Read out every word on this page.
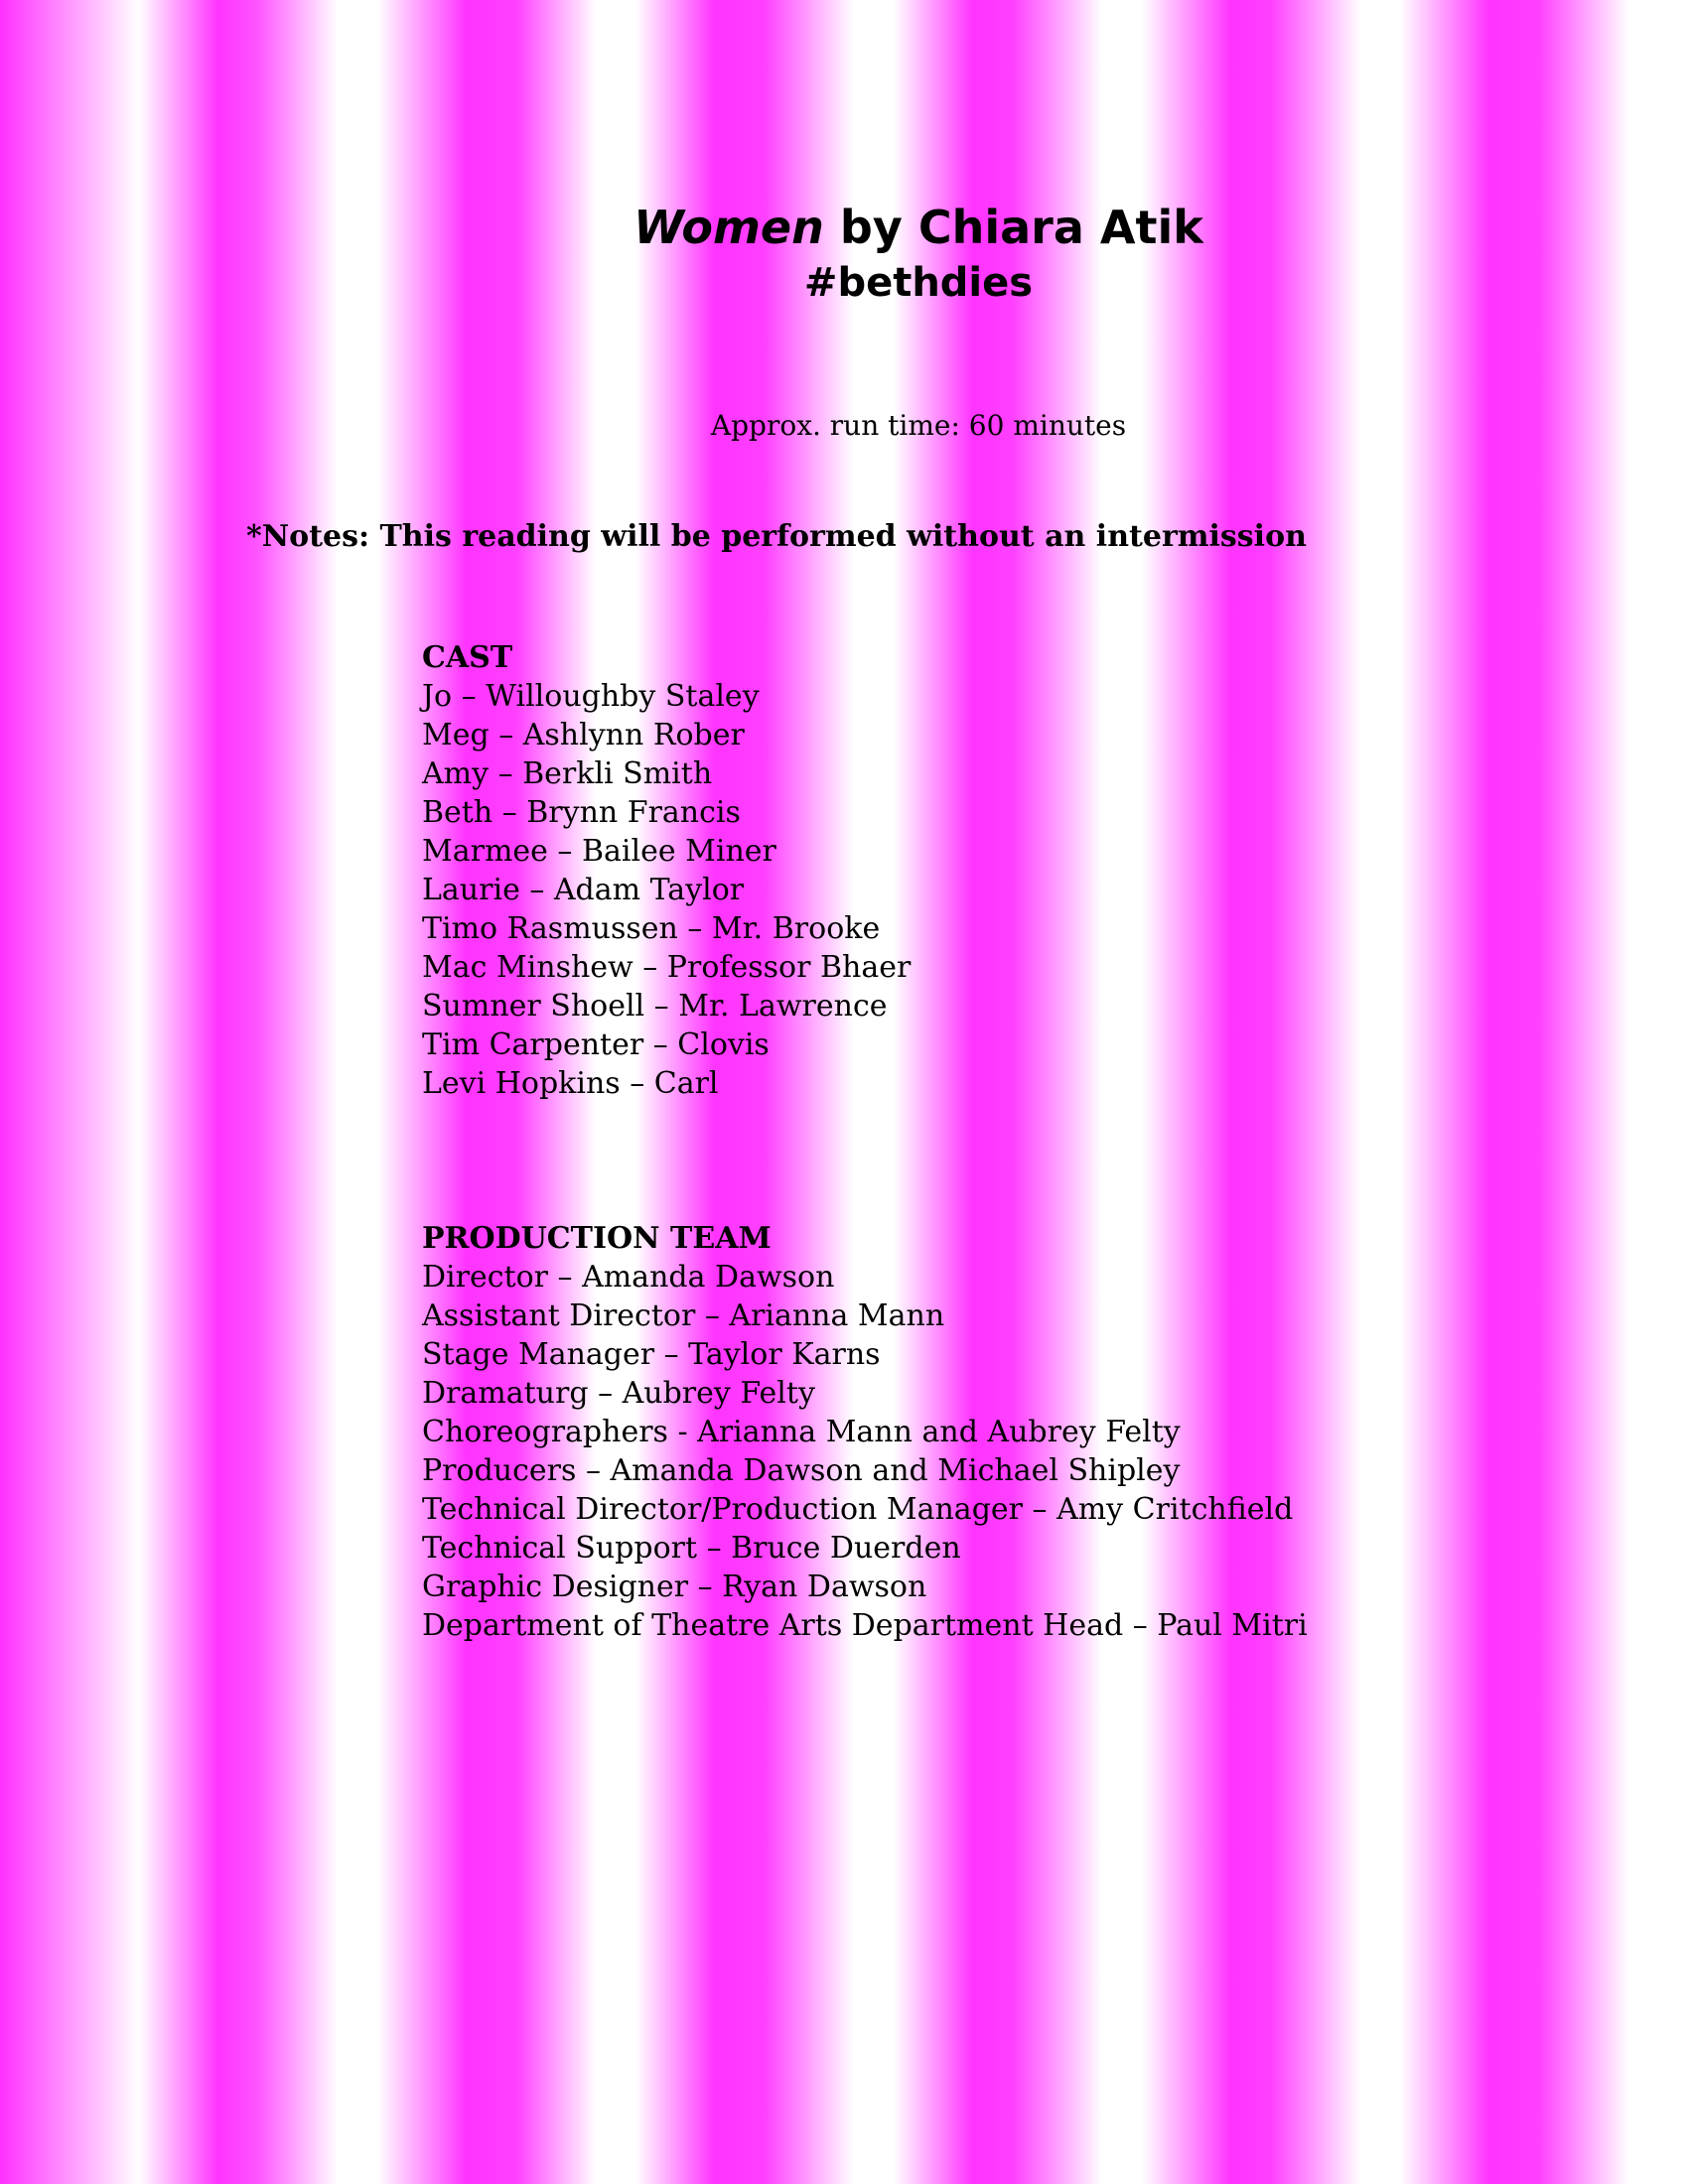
Women by Chiara Atik
#bethdies
Approx. run time: 60 minutes
*Notes: This reading will be performed without an intermission
CAST
Jo – Willoughby Staley
Meg – Ashlynn Rober
Amy – Berkli Smith
Beth – Brynn Francis
Marmee – Bailee Miner
Laurie – Adam Taylor
Timo Rasmussen – Mr. Brooke
Mac Minshew – Professor Bhaer
Sumner Shoell – Mr. Lawrence
Tim Carpenter – Clovis
Levi Hopkins – Carl
PRODUCTION TEAM
Director – Amanda Dawson
Assistant Director – Arianna Mann
Stage Manager – Taylor Karns
Dramaturg – Aubrey Felty
Choreographers - Arianna Mann and Aubrey Felty
Producers – Amanda Dawson and Michael Shipley
Technical Director/Production Manager – Amy Critchfield
Technical Support – Bruce Duerden
Graphic Designer – Ryan Dawson
Department of Theatre Arts Department Head – Paul Mitri
